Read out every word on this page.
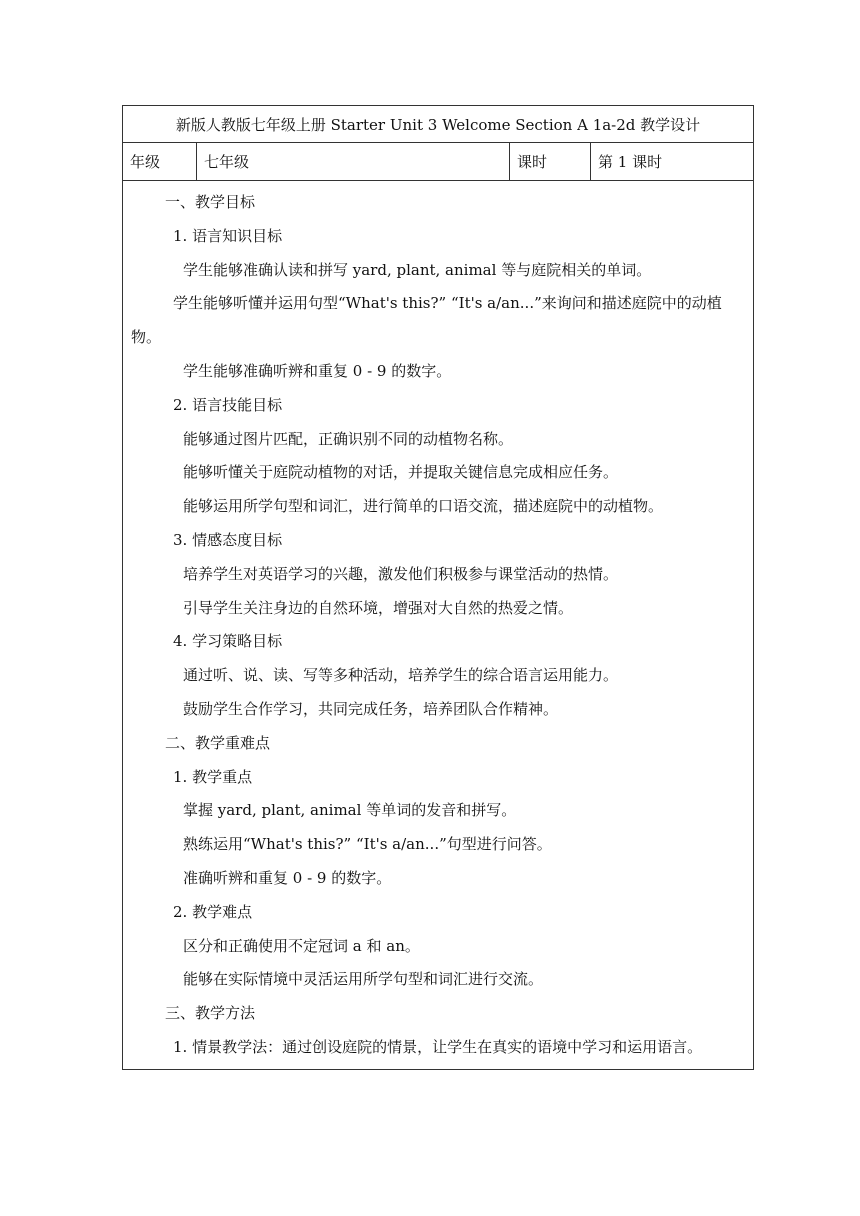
新版人教版七年级上册 Starter Unit 3 Welcome Section A 1a-2d 教学设计
年级	七年级	课时	第 1 课时

一、教学目标
1. 语言知识目标
学生能够准确认读和拼写 yard, plant, animal 等与庭院相关的单词。
学生能够听懂并运用句型“What's this?” “It's a/an...”来询问和描述庭院中的动植物。
学生能够准确听辨和重复 0 - 9 的数字。
2. 语言技能目标
能够通过图片匹配，正确识别不同的动植物名称。
能够听懂关于庭院动植物的对话，并提取关键信息完成相应任务。
能够运用所学句型和词汇，进行简单的口语交流，描述庭院中的动植物。
3. 情感态度目标
培养学生对英语学习的兴趣，激发他们积极参与课堂活动的热情。
引导学生关注身边的自然环境，增强对大自然的热爱之情。
4. 学习策略目标
通过听、说、读、写等多种活动，培养学生的综合语言运用能力。
鼓励学生合作学习，共同完成任务，培养团队合作精神。
二、教学重难点
1. 教学重点
掌握 yard, plant, animal 等单词的发音和拼写。
熟练运用“What's this?” “It's a/an...”句型进行问答。
准确听辨和重复 0 - 9 的数字。
2. 教学难点
区分和正确使用不定冠词 a 和 an。
能够在实际情境中灵活运用所学句型和词汇进行交流。
三、教学方法
1. 情景教学法：通过创设庭院的情景，让学生在真实的语境中学习和运用语言。
